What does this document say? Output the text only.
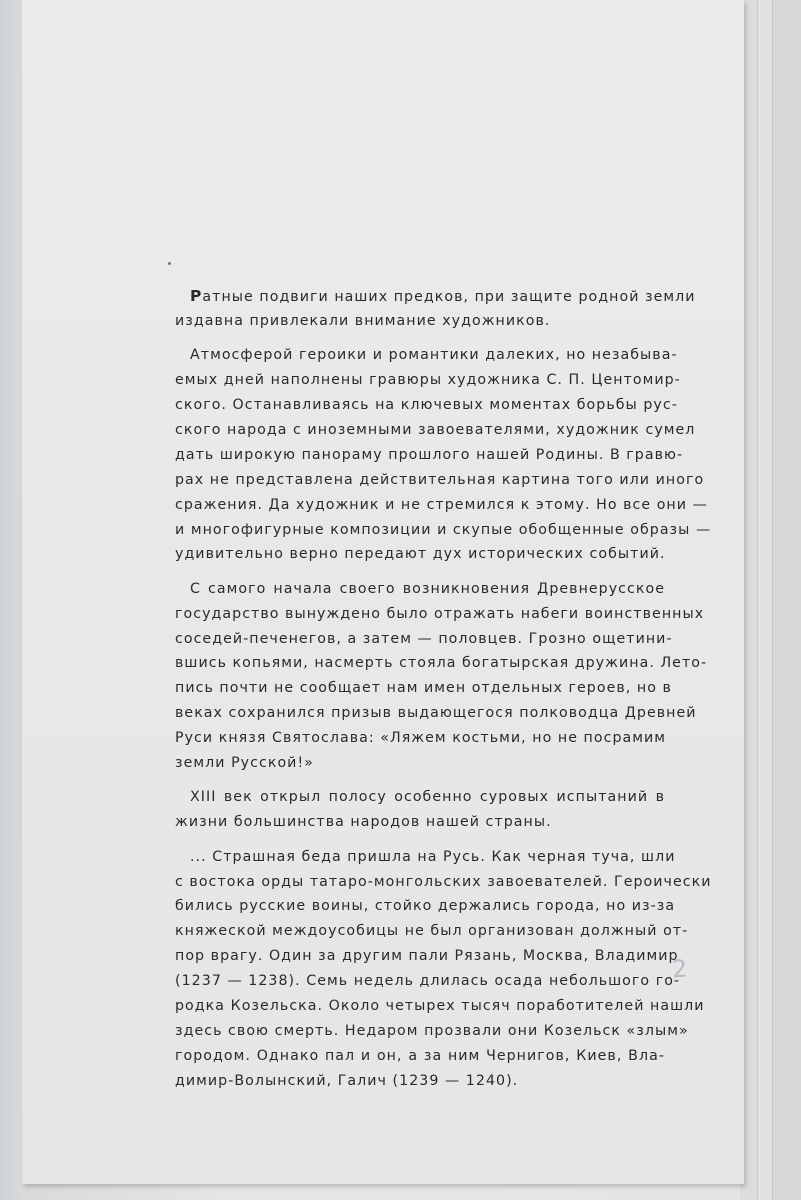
Ратные подвиги наших предков, при защите родной земли
издавна привлекали внимание художников.
Атмосферой героики и романтики далеких, но незабыва-
емых дней наполнены гравюры художника С. П. Центомир-
ского. Останавливаясь на ключевых моментах борьбы рус-
ского народа с иноземными завоевателями, художник сумел
дать широкую панораму прошлого нашей Родины. В гравю-
рах не представлена действительная картина того или иного
сражения. Да художник и не стремился к этому. Но все они —
и многофигурные композиции и скупые обобщенные образы —
удивительно верно передают дух исторических событий.
С самого начала своего возникновения Древнерусское
государство вынуждено было отражать набеги воинственных
соседей-печенегов, а затем — половцев. Грозно ощетини-
вшись копьями, насмерть стояла богатырская дружина. Лето-
пись почти не сообщает нам имен отдельных героев, но в
веках сохранился призыв выдающегося полководца Древней
Руси князя Святослава: «Ляжем костьми, но не посрамим
земли Русской!»
XIII век открыл полосу особенно суровых испытаний в
жизни большинства народов нашей страны.
... Страшная беда пришла на Русь. Как черная туча, шли
с востока орды татаро-монгольских завоевателей. Героически
бились русские воины, стойко держались города, но из-за
княжеской междоусобицы не был организован должный от-
пор врагу. Один за другим пали Рязань, Москва, Владимир
(1237 — 1238). Семь недель длилась осада небольшого го-
родка Козельска. Около четырех тысяч поработителей нашли
здесь свою смерть. Недаром прозвали они Козельск «злым»
городом. Однако пал и он, а за ним Чернигов, Киев, Вла-
димир-Волынский, Галич (1239 — 1240).
2
